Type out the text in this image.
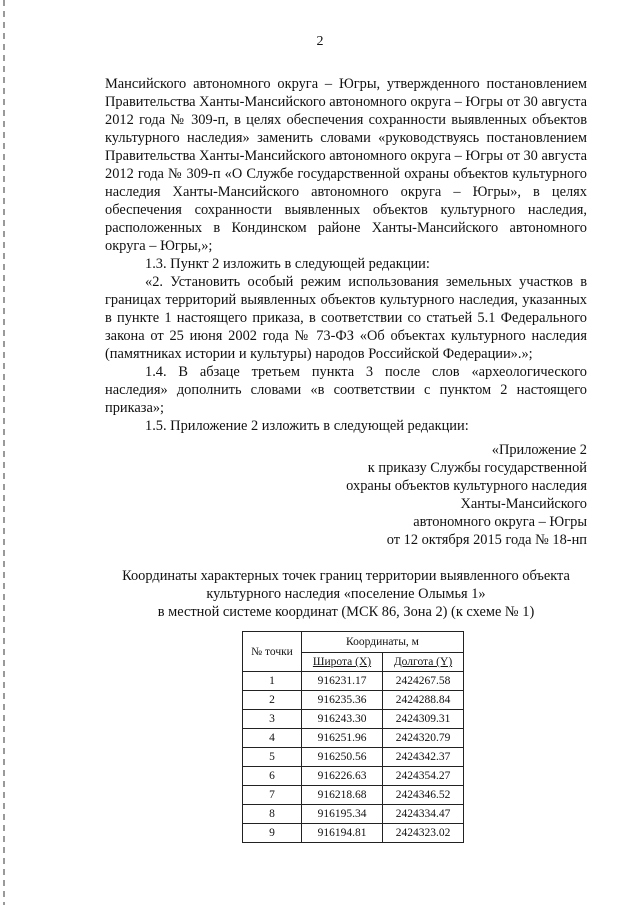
2

Мансийского автономного округа – Югры, утвержденного постановлением Правительства Ханты-Мансийского автономного округа – Югры от 30 августа 2012 года № 309-п, в целях обеспечения сохранности выявленных объектов культурного наследия» заменить словами «руководствуясь постановлением Правительства Ханты-Мансийского автономного округа – Югры от 30 августа 2012 года № 309-п «О Службе государственной охраны объектов культурного наследия Ханты-Мансийского автономного округа – Югры», в целях обеспечения сохранности выявленных объектов культурного наследия, расположенных в Кондинском районе Ханты-Мансийского автономного округа – Югры,»;

1.3. Пункт 2 изложить в следующей редакции:

«2. Установить особый режим использования земельных участков в границах территорий выявленных объектов культурного наследия, указанных в пункте 1 настоящего приказа, в соответствии со статьей 5.1 Федерального закона от 25 июня 2002 года № 73-ФЗ «Об объектах культурного наследия (памятниках истории и культуры) народов Российской Федерации».»;

1.4. В абзаце третьем пункта 3 после слов «археологического наследия» дополнить словами «в соответствии с пунктом 2 настоящего приказа»;

1.5. Приложение 2 изложить в следующей редакции:

«Приложение 2
к приказу Службы государственной
охраны объектов культурного наследия
Ханты-Мансийского
автономного округа – Югры
от 12 октября 2015 года № 18-нп
Координаты характерных точек границ территории выявленного объекта
культурного наследия «поселение Олымья 1»
в местной системе координат (МСК 86, Зона 2) (к схеме № 1)
№ точки	Координаты, м	
	Широта (X)	Долгота (Y)
1	916231.17	2424267.58
2	916235.36	2424288.84
3	916243.30	2424309.31
4	916251.96	2424320.79
5	916250.56	2424342.37
6	916226.63	2424354.27
7	916218.68	2424346.52
8	916195.34	2424334.47
9	916194.81	2424323.02
